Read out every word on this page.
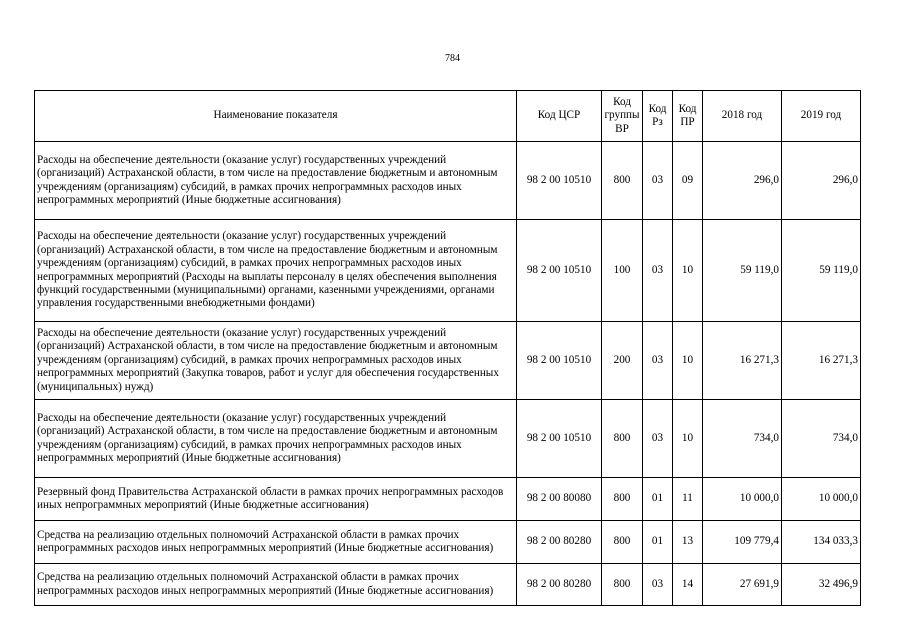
784
Наименование показателя	Код ЦСР	Код группы ВР	Код Рз	Код ПР	2018 год	2019 год
Расходы на обеспечение деятельности (оказание услуг) государственных учреждений (организаций) Астраханской области, в том числе на предоставление бюджетным и автономным учреждениям (организациям) субсидий, в рамках прочих непрограммных расходов иных непрограммных мероприятий (Иные бюджетные ассигнования)	98 2 00 10510	800	03	09	296,0	296,0
Расходы на обеспечение деятельности (оказание услуг) государственных учреждений (организаций) Астраханской области, в том числе на предоставление бюджетным и автономным учреждениям (организациям) субсидий, в рамках прочих непрограммных расходов иных непрограммных мероприятий (Расходы на выплаты персоналу в целях обеспечения выполнения функций государственными (муниципальными) органами, казенными учреждениями, органами управления государственными внебюджетными фондами)	98 2 00 10510	100	03	10	59 119,0	59 119,0
Расходы на обеспечение деятельности (оказание услуг) государственных учреждений (организаций) Астраханской области, в том числе на предоставление бюджетным и автономным учреждениям (организациям) субсидий, в рамках прочих непрограммных расходов иных непрограммных мероприятий (Закупка товаров, работ и услуг для обеспечения государственных (муниципальных) нужд)	98 2 00 10510	200	03	10	16 271,3	16 271,3
Расходы на обеспечение деятельности (оказание услуг) государственных учреждений (организаций) Астраханской области, в том числе на предоставление бюджетным и автономным учреждениям (организациям) субсидий, в рамках прочих непрограммных расходов иных непрограммных мероприятий (Иные бюджетные ассигнования)	98 2 00 10510	800	03	10	734,0	734,0
Резервный фонд Правительства Астраханской области в рамках прочих непрограммных расходов иных непрограммных мероприятий (Иные бюджетные ассигнования)	98 2 00 80080	800	01	11	10 000,0	10 000,0
Средства на реализацию отдельных полномочий Астраханской области в рамках прочих непрограммных расходов иных непрограммных мероприятий (Иные бюджетные ассигнования)	98 2 00 80280	800	01	13	109 779,4	134 033,3
Средства на реализацию отдельных полномочий Астраханской области в рамках прочих непрограммных расходов иных непрограммных мероприятий (Иные бюджетные ассигнования)	98 2 00 80280	800	03	14	27 691,9	32 496,9
